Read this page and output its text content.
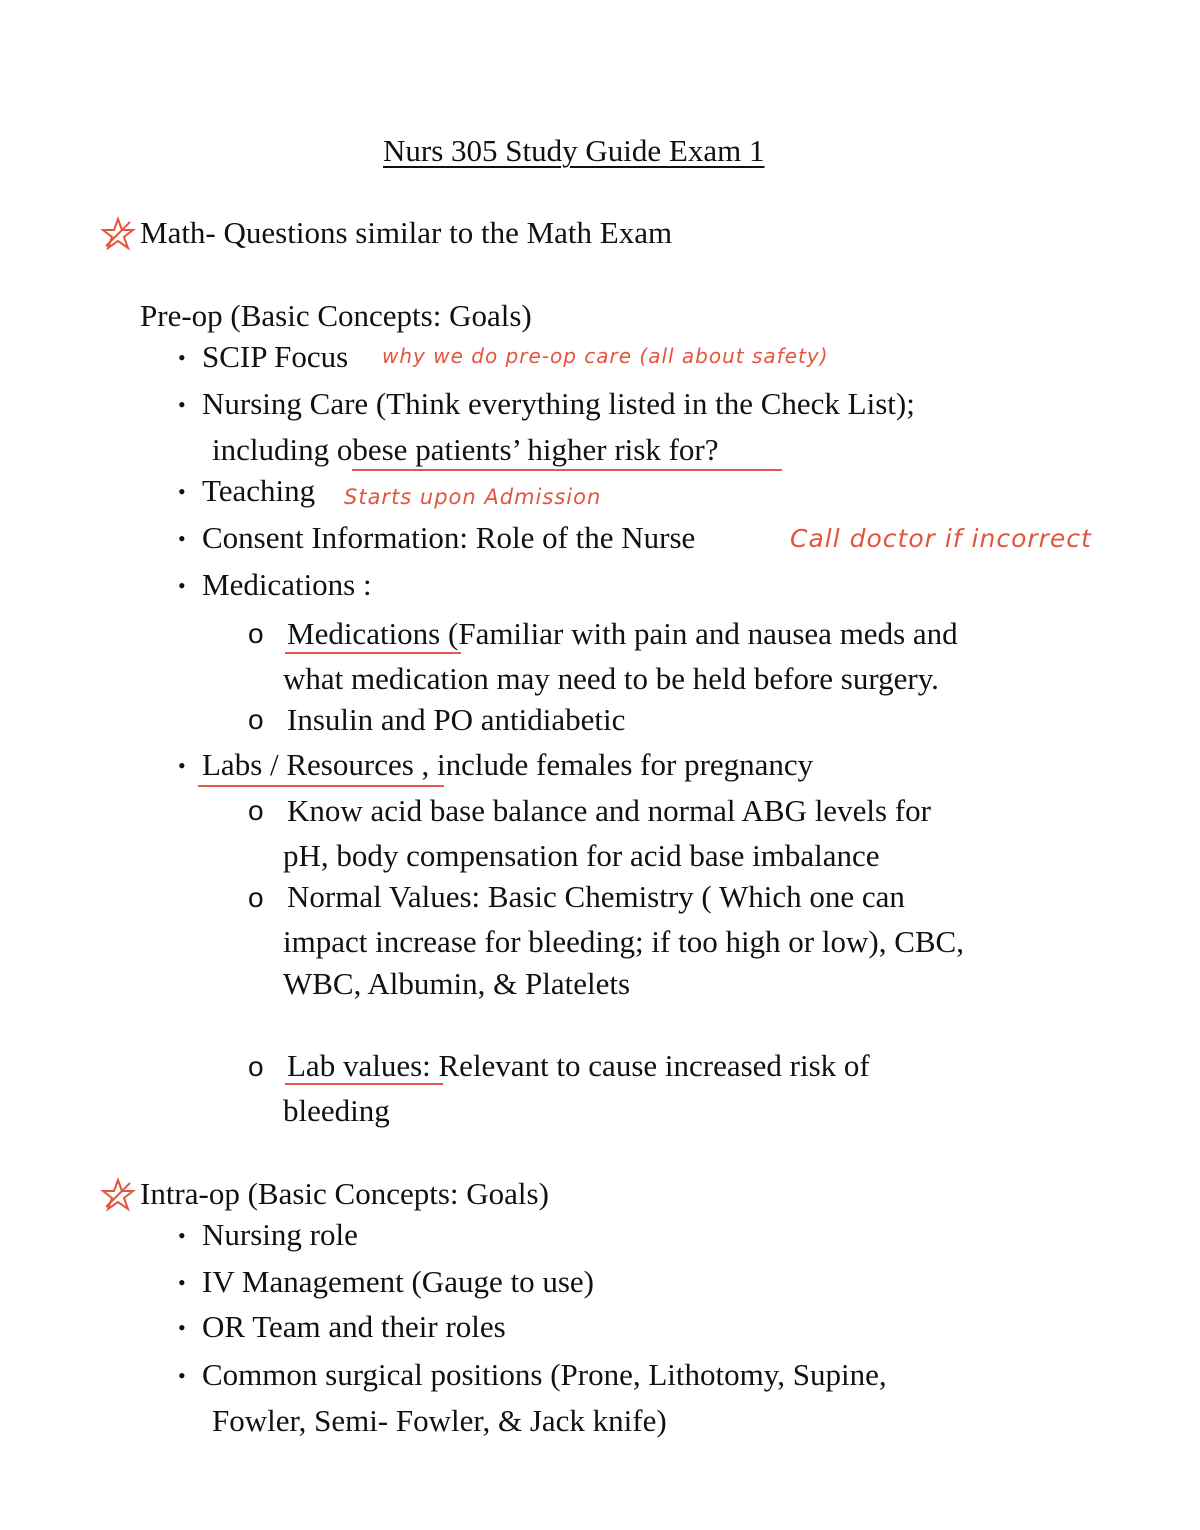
Nurs 305 Study Guide Exam 1
Math- Questions similar to the Math Exam
Pre-op (Basic Concepts: Goals)
• SCIP Focus why we do pre-op care (all about safety)
• Nursing Care (Think everything listed in the Check List);
including obese patients’ higher risk for?
• Teaching Starts upon Admission
• Consent Information: Role of the Nurse	Call doctor if incorrect
• Medications :
o Medications (Familiar with pain and nausea meds and
what medication may need to be held before surgery.
o Insulin and PO antidiabetic
• Labs / Resources , include females for pregnancy
o Know acid base balance and normal ABG levels for
pH, body compensation for acid base imbalance
o Normal Values: Basic Chemistry ( Which one can
impact increase for bleeding; if too high or low), CBC,
WBC, Albumin, & Platelets
o Lab values: Relevant to cause increased risk of
bleeding
Intra-op (Basic Concepts: Goals)
• Nursing role
• IV Management (Gauge to use)
• OR Team and their roles
• Common surgical positions (Prone, Lithotomy, Supine,
Fowler, Semi- Fowler, & Jack knife)
